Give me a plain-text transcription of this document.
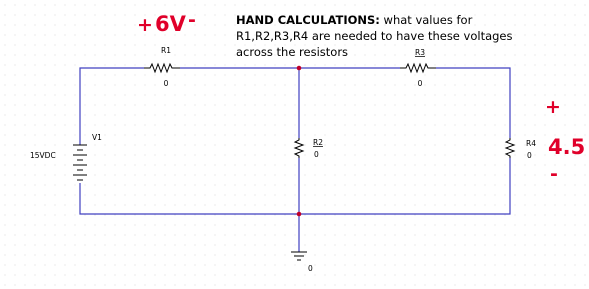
R1
0
R3
0
R2
0
R4
0
V1
15VDC
0
+ 6V -
+
4.5
-
HAND CALCULATIONS: what values for R1,R2,R3,R4 are needed to have these voltages across the resistors
